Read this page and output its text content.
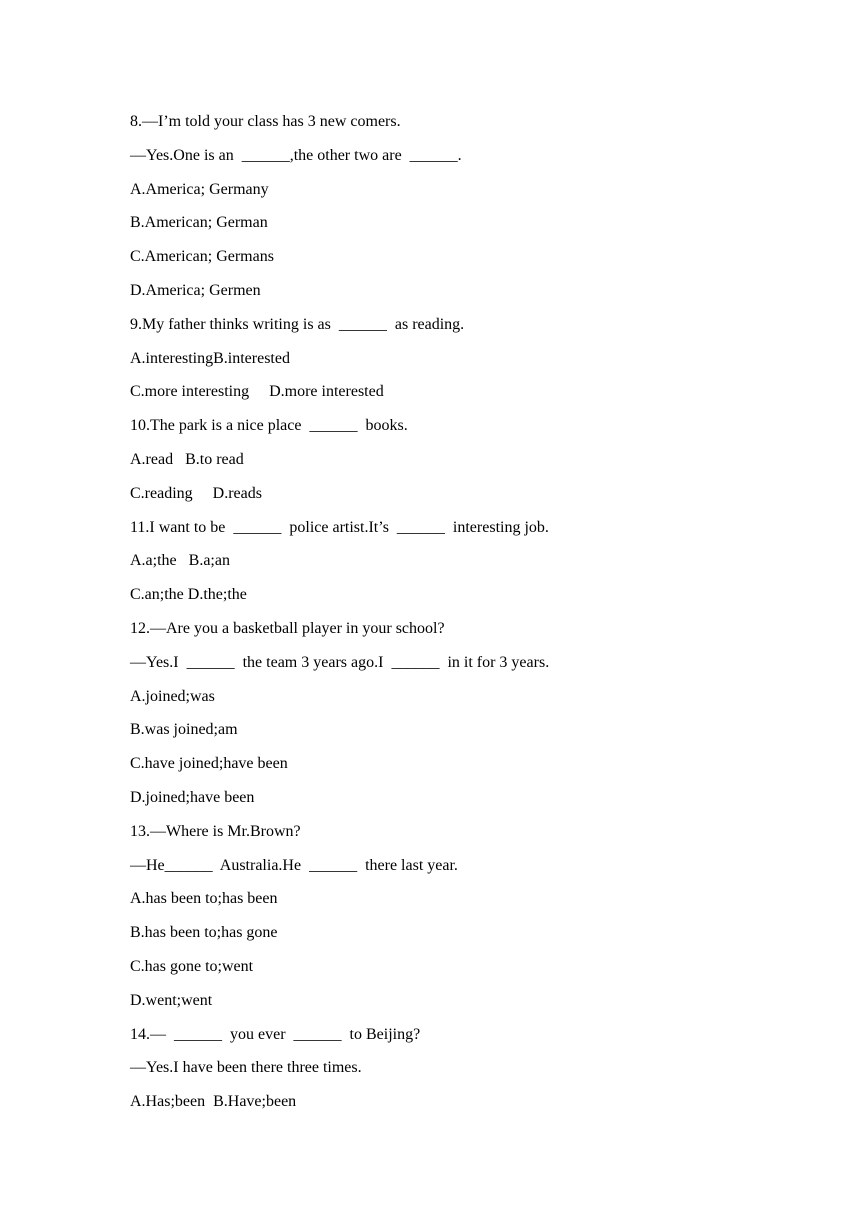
8.—I’m told your class has 3 new comers.
—Yes.One is an  ______,the other two are  ______.
A.America; Germany
B.American; German
C.American; Germans
D.America; Germen
9.My father thinks writing is as  ______  as reading.
A.interestingB.interested
C.more interesting     D.more interested
10.The park is a nice place  ______  books.
A.read   B.to read
C.reading     D.reads
11.I want to be  ______  police artist.It’s  ______  interesting job.
A.a;the   B.a;an
C.an;the D.the;the
12.—Are you a basketball player in your school?
—Yes.I  ______  the team 3 years ago.I  ______  in it for 3 years.
A.joined;was
B.was joined;am
C.have joined;have been
D.joined;have been
13.—Where is Mr.Brown?
—He______  Australia.He  ______  there last year.
A.has been to;has been
B.has been to;has gone
C.has gone to;went
D.went;went
14.—  ______  you ever  ______  to Beijing?
—Yes.I have been there three times.
A.Has;been  B.Have;been
